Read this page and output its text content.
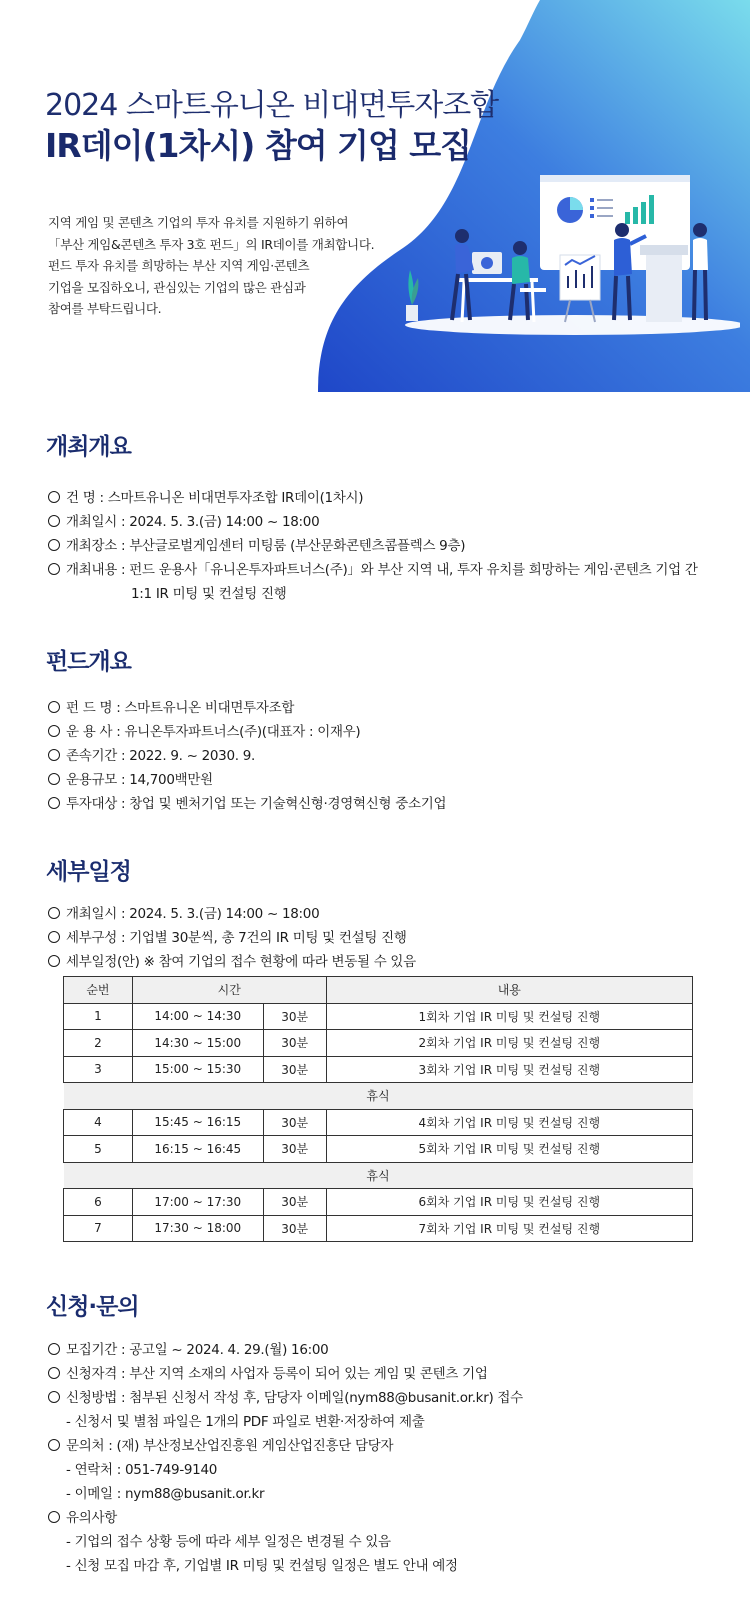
2024 스마트유니온 비대면투자조합
IR데이(1차시) 참여 기업 모집

지역 게임 및 콘텐츠 기업의 투자 유치를 지원하기 위하여

「부산 게임&콘텐츠 투자 3호 펀드」의 IR데이를 개최합니다.

펀드 투자 유치를 희망하는 부산 지역 게임·콘텐츠

기업을 모집하오니, 관심있는 기업의 많은 관심과

참여를 부탁드립니다.

개최개요
건 명 : 스마트유니온 비대면투자조합 IR데이(1차시)
개최일시 : 2024. 5. 3.(금) 14:00 ~ 18:00
개최장소 : 부산글로벌게임센터 미팅룸 (부산문화콘텐츠콤플렉스 9층)
개최내용 : 펀드 운용사「유니온투자파트너스(주)」와 부산 지역 내, 투자 유치를 희망하는 게임·콘텐츠 기업 간
1:1 IR 미팅 및 컨설팅 진행
펀드개요
펀 드 명 : 스마트유니온 비대면투자조합
운 용 사 : 유니온투자파트너스(주)(대표자 : 이재우)
존속기간 : 2022. 9. ~ 2030. 9.
운용규모 : 14,700백만원
투자대상 : 창업 및 벤처기업 또는 기술혁신형·경영혁신형 중소기업
세부일정
개최일시 : 2024. 5. 3.(금) 14:00 ~ 18:00
세부구성 : 기업별 30분씩, 총 7건의 IR 미팅 및 컨설팅 진행
세부일정(안) ※ 참여 기업의 접수 현황에 따라 변동될 수 있음
순번	시간		내용
1	14:00 ~ 14:30	30분	1회차 기업 IR 미팅 및 컨설팅 진행
2	14:30 ~ 15:00	30분	2회차 기업 IR 미팅 및 컨설팅 진행
3	15:00 ~ 15:30	30분	3회차 기업 IR 미팅 및 컨설팅 진행
휴식			
4	15:45 ~ 16:15	30분	4회차 기업 IR 미팅 및 컨설팅 진행
5	16:15 ~ 16:45	30분	5회차 기업 IR 미팅 및 컨설팅 진행
휴식			
6	17:00 ~ 17:30	30분	6회차 기업 IR 미팅 및 컨설팅 진행
7	17:30 ~ 18:00	30분	7회차 기업 IR 미팅 및 컨설팅 진행
신청·문의
모집기간 : 공고일 ~ 2024. 4. 29.(월) 16:00
신청자격 : 부산 지역 소재의 사업자 등록이 되어 있는 게임 및 콘텐츠 기업
신청방법 : 첨부된 신청서 작성 후, 담당자 이메일(nym88@busanit.or.kr) 접수
- 신청서 및 별첨 파일은 1개의 PDF 파일로 변환·저장하여 제출
문의처 : (재) 부산정보산업진흥원 게임산업진흥단 담당자
- 연락처 : 051-749-9140
- 이메일 : nym88@busanit.or.kr
유의사항
- 기업의 접수 상황 등에 따라 세부 일정은 변경될 수 있음
- 신청 모집 마감 후, 기업별 IR 미팅 및 컨설팅 일정은 별도 안내 예정
